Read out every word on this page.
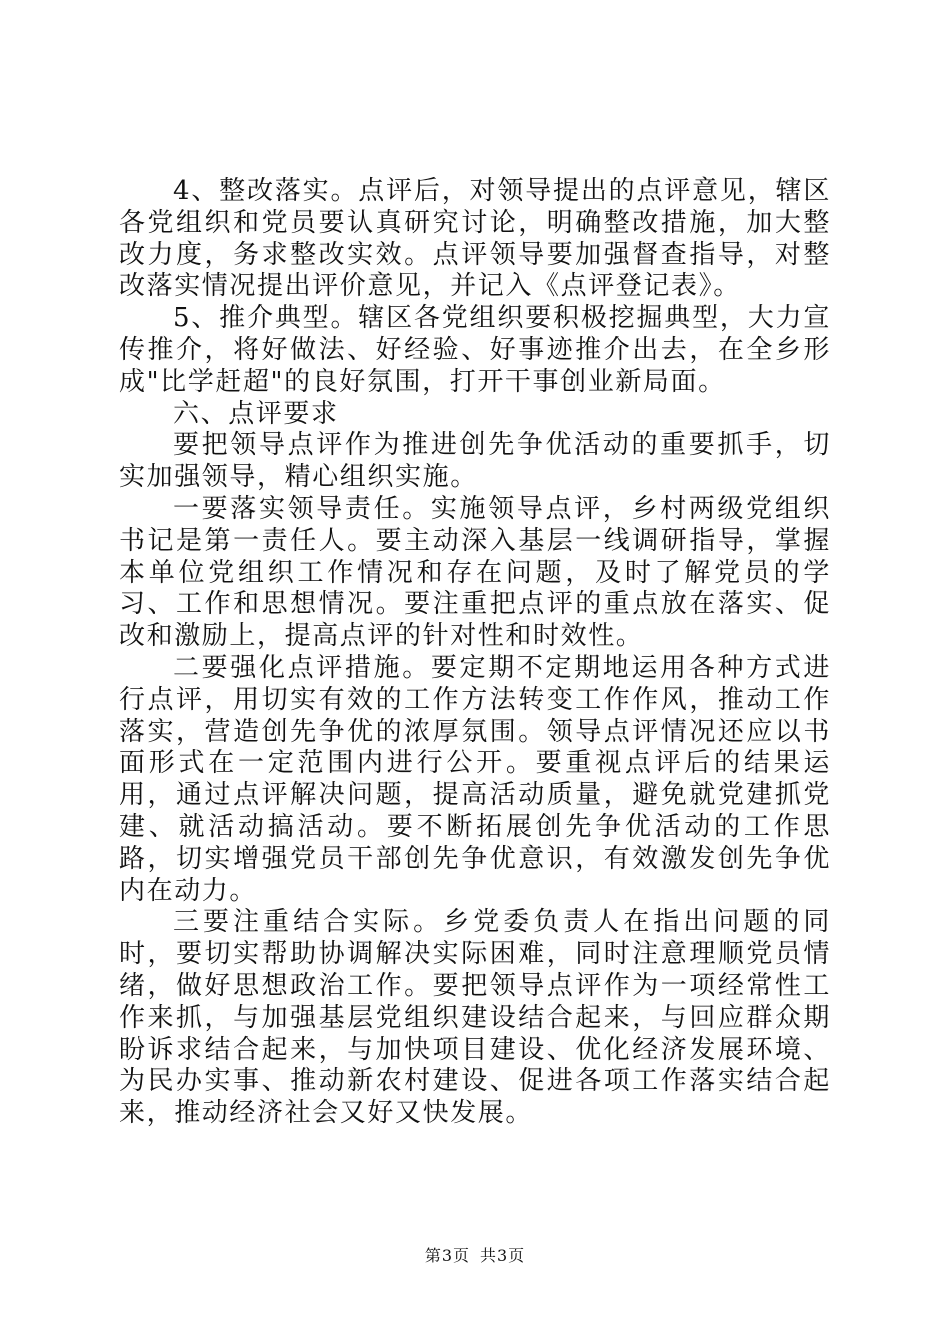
4、整改落实。点评后，对领导提出的点评意见，辖区各党组织和党员要认真研究讨论，明确整改措施，加大整改力度，务求整改实效。点评领导要加强督查指导，对整改落实情况提出评价意见，并记入《点评登记表》。

5、推介典型。辖区各党组织要积极挖掘典型，大力宣传推介，将好做法、好经验、好事迹推介出去，在全乡形成"比学赶超"的良好氛围，打开干事创业新局面。

六、点评要求

要把领导点评作为推进创先争优活动的重要抓手，切实加强领导，精心组织实施。

一要落实领导责任。实施领导点评，乡村两级党组织书记是第一责任人。要主动深入基层一线调研指导，掌握本单位党组织工作情况和存在问题，及时了解党员的学习、工作和思想情况。要注重把点评的重点放在落实、促改和激励上，提高点评的针对性和时效性。

二要强化点评措施。要定期不定期地运用各种方式进行点评，用切实有效的工作方法转变工作作风，推动工作落实，营造创先争优的浓厚氛围。领导点评情况还应以书面形式在一定范围内进行公开。要重视点评后的结果运用，通过点评解决问题，提高活动质量，避免就党建抓党建、就活动搞活动。要不断拓展创先争优活动的工作思路，切实增强党员干部创先争优意识，有效激发创先争优内在动力。

三要注重结合实际。乡党委负责人在指出问题的同时，要切实帮助协调解决实际困难，同时注意理顺党员情绪，做好思想政治工作。要把领导点评作为一项经常性工作来抓，与加强基层党组织建设结合起来，与回应群众期盼诉求结合起来，与加快项目建设、优化经济发展环境、为民办实事、推动新农村建设、促进各项工作落实结合起来，推动经济社会又好又快发展。

第3页 共3页
